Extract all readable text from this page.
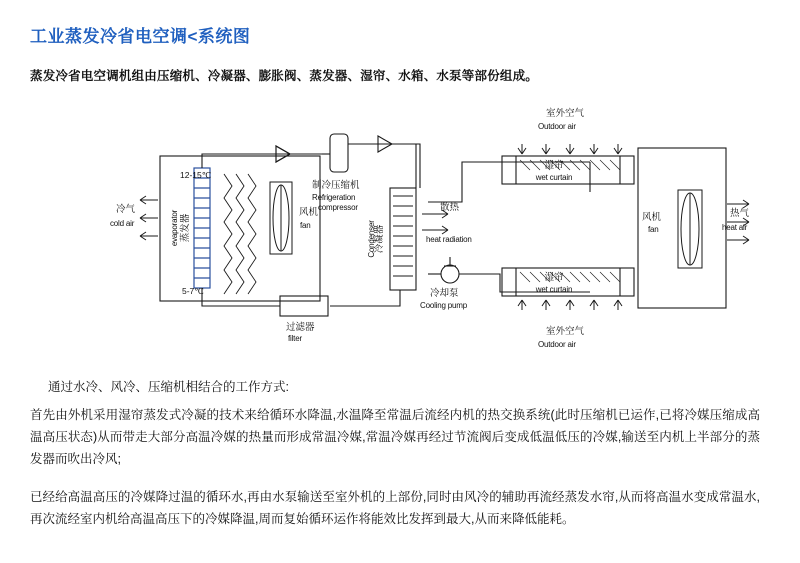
工业蒸发冷省电空调<系统图
蒸发冷省电空调机组由压缩机、冷凝器、膨胀阀、蒸发器、湿帘、水箱、水泵等部份组成。
风机
fan
冷气
cold air	蒸发器
evaporator
12-15℃
5-7℃
制冷压缩机
Refrigeration
compressor
冷凝器
Condenser
过滤器
filter
散热
heat radiation
冷却泵
Cooling pump
湿帘
wet curtain
室外空气
Outdoor air
湿帘
wet curtain
室外空气
Outdoor air
风机
fan
热气
heat air
通过水冷、风冷、压缩机相结合的工作方式:
首先由外机采用湿帘蒸发式冷凝的技术来给循环水降温,水温降至常温后流经内机的热交换系统(此时压缩机已运作,已将冷媒压缩成高温高压状态)从而带走大部分高温冷媒的热量而形成常温冷媒,常温冷媒再经过节流阀后变成低温低压的冷媒,输送至内机上半部分的蒸发器而吹出冷风;
已经给高温高压的冷媒降过温的循环水,再由水泵输送至室外机的上部份,同时由风冷的辅助再流经蒸发水帘,从而将高温水变成常温水,再次流经室内机给高温高压下的冷媒降温,周而复始循环运作将能效比发挥到最大,从而来降低能耗。
